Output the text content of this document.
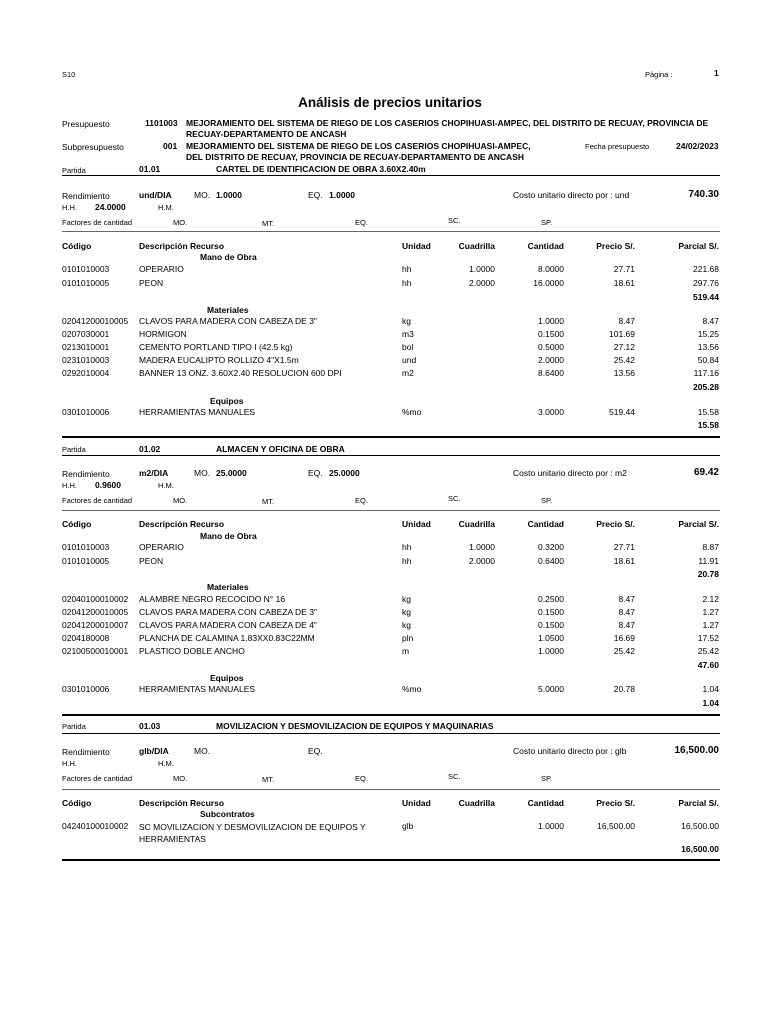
S10	Página :	1
Análisis de precios unitarios
Presupuesto	1101003 MEJORAMIENTO DEL SISTEMA DE RIEGO DE LOS CASERIOS CHOPIHUASI-AMPEC, DEL DISTRITO DE RECUAY, PROVINCIA DE
RECUAY-DEPARTAMENTO DE ANCASH
Subpresupuesto	001 MEJORAMIENTO DEL SISTEMA DE RIEGO DE LOS CASERIOS CHOPIHUASI-AMPEC,
DEL DISTRITO DE RECUAY, PROVINCIA DE RECUAY-DEPARTAMENTO DE ANCASH
Fecha presupuesto	24/02/2023
Partida	01.01	CARTEL DE IDENTIFICACION DE OBRA 3.60X2.40m
Rendimiento	und/DIA	MO. 1.0000	EQ. 1.0000	Costo unitario directo por : und	740.30
H.H. 24.0000	H.M.
Factores de cantidad	MO.	MT.	EQ.	SC.	SP.
Código	Descripción Recurso	Unidad	Cuadrilla	Cantidad	Precio S/.	Parcial S/.
Mano de Obra
0101010003	OPERARIO	hh	1.0000	8.0000	27.71	221.68
0101010005	PEON	hh	2.0000	16.0000	18.61	297.76
519.44
Materiales
02041200010005 CLAVOS PARA MADERA CON CABEZA DE 3"	kg	1.0000	8.47	8.47
0207030001	HORMIGON	m3	0.1500	101.69	15.25
0213010001	CEMENTO PORTLAND TIPO I (42.5 kg)	bol	0.5000	27.12	13.56
0231010003	MADERA EUCALIPTO ROLLIZO 4"X1.5m	und	2.0000	25.42	50.84
0292010004	BANNER 13 ONZ. 3.60X2.40 RESOLUCION 600 DPI	m2	8.6400	13.56	117.16
205.28
Equipos
0301010006	HERRAMIENTAS MANUALES	%mo	3.0000	519.44	15.58
15.58
Partida	01.02	ALMACEN Y OFICINA DE OBRA
Rendimiento	m2/DIA	MO. 25.0000	EQ. 25.0000	Costo unitario directo por : m2	69.42
H.H. 0.9600	H.M.
Factores de cantidad	MO.	MT.	EQ.	SC.	SP.
Código	Descripción Recurso	Unidad	Cuadrilla	Cantidad	Precio S/.	Parcial S/.
Mano de Obra
0101010003	OPERARIO	hh	1.0000	0.3200	27.71	8.87
0101010005	PEON	hh	2.0000	0.6400	18.61	11.91
20.78
Materiales
02040100010002 ALAMBRE NEGRO RECOCIDO N° 16	kg	0.2500	8.47	2.12
02041200010005 CLAVOS PARA MADERA CON CABEZA DE 3"	kg	0.1500	8.47	1.27
02041200010007 CLAVOS PARA MADERA CON CABEZA DE 4"	kg	0.1500	8.47	1.27
0204180008	PLANCHA DE CALAMINA 1.83XX0.83C22MM	pln	1.0500	16.69	17.52
02100500010001 PLASTICO DOBLE ANCHO	m	1.0000	25.42	25.42
47.60
Equipos
0301010006	HERRAMIENTAS MANUALES	%mo	5.0000	20.78	1.04
1.04
Partida	01.03	MOVILIZACION Y DESMOVILIZACION DE EQUIPOS Y MAQUINARIAS
Rendimiento	glb/DIA	MO.	EQ.	Costo unitario directo por : glb	16,500.00
H.H.	H.M.
Factores de cantidad	MO.	MT.	EQ.	SC.	SP.
Código	Descripción Recurso	Unidad	Cuadrilla	Cantidad	Precio S/.	Parcial S/.
Subcontratos
04240100010002 SC MOVILIZACION Y DESMOVILIZACION DE EQUIPOS Y HERRAMIENTAS
glb	1.0000	16,500.00	16,500.00
16,500.00
